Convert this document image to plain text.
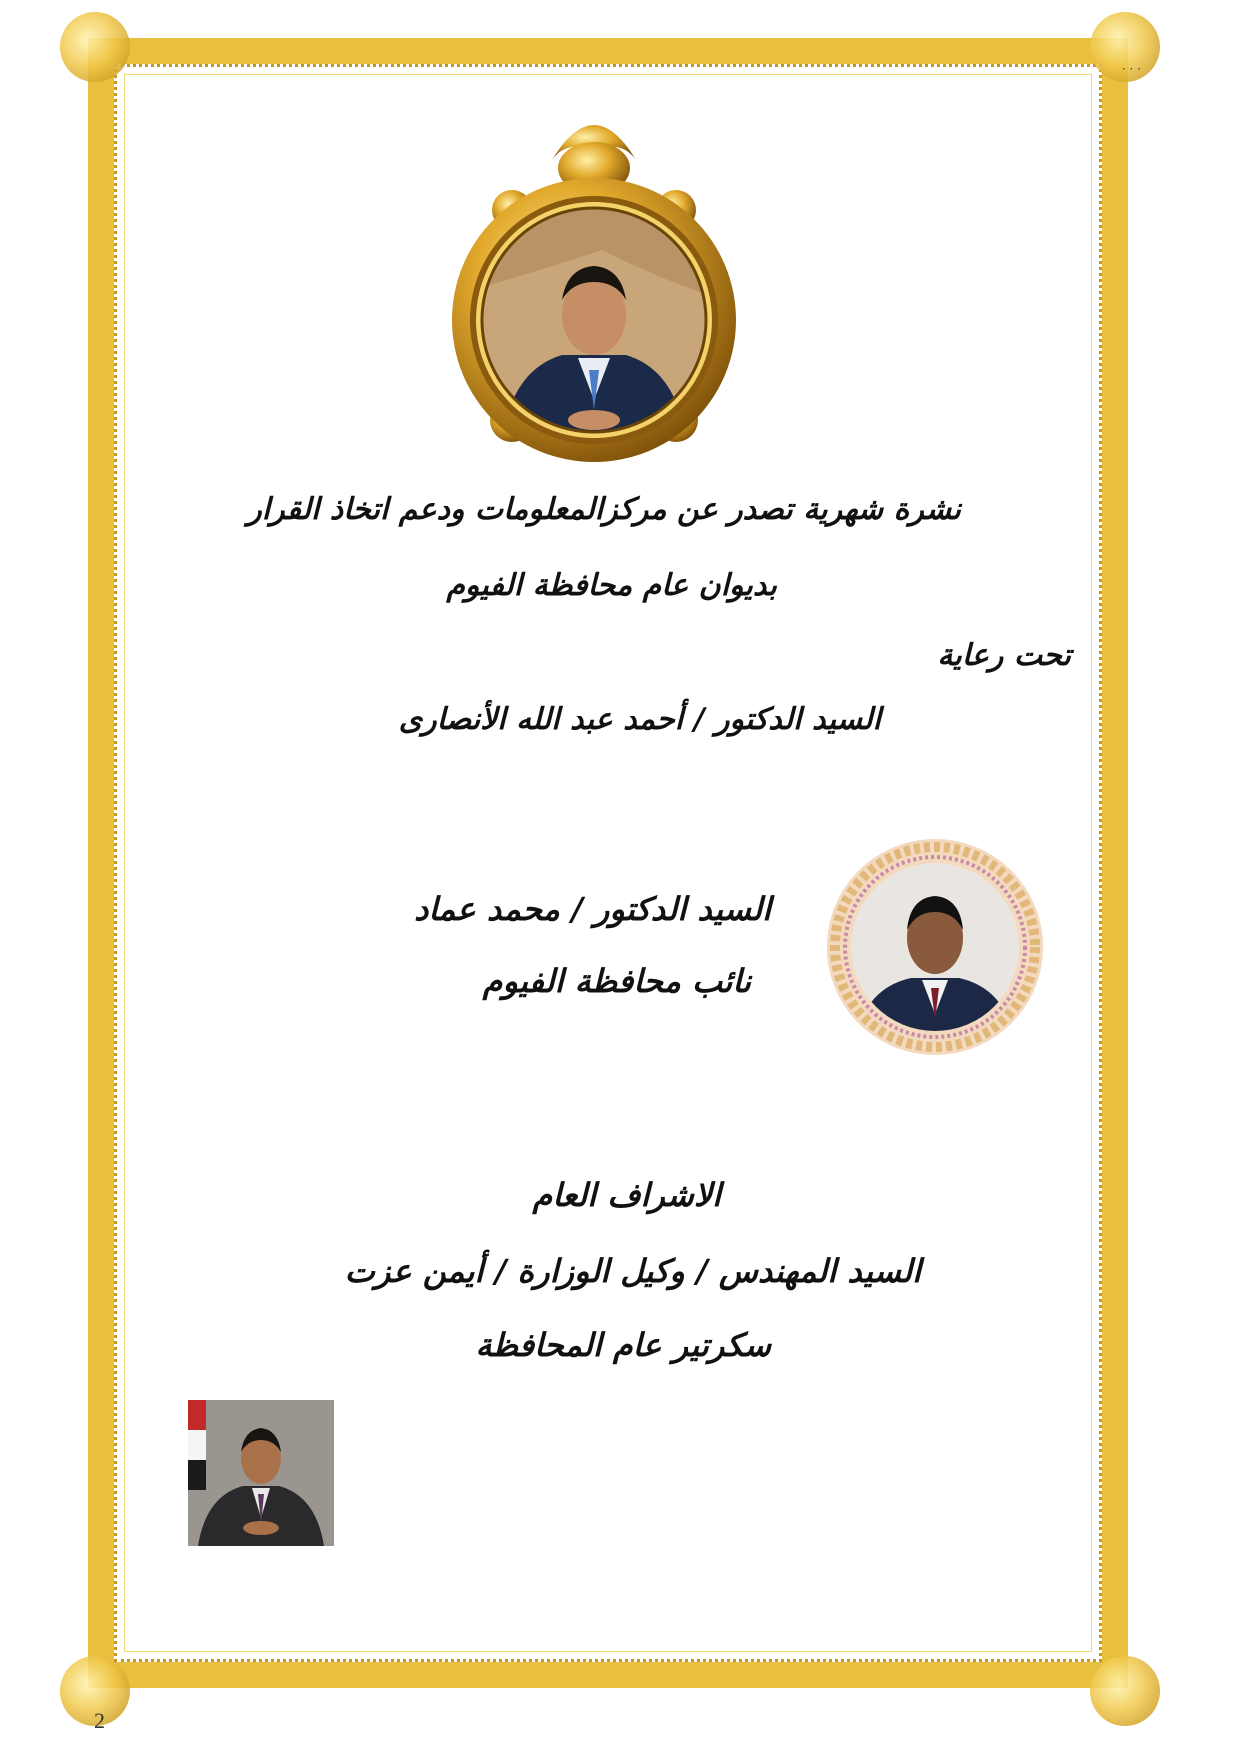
نشرة شهرية تصدر عن مركزالمعلومات ودعم اتخاذ القرار
بديوان عام محافظة الفيوم
تحت رعاية
السيد الدكتور / أحمد عبد الله الأنصارى
السيد الدكتور / محمد عماد
نائب محافظة الفيوم
الاشراف العام
السيد المهندس / وكيل الوزارة / أيمن عزت
سكرتير عام المحافظة
· · ·
2
